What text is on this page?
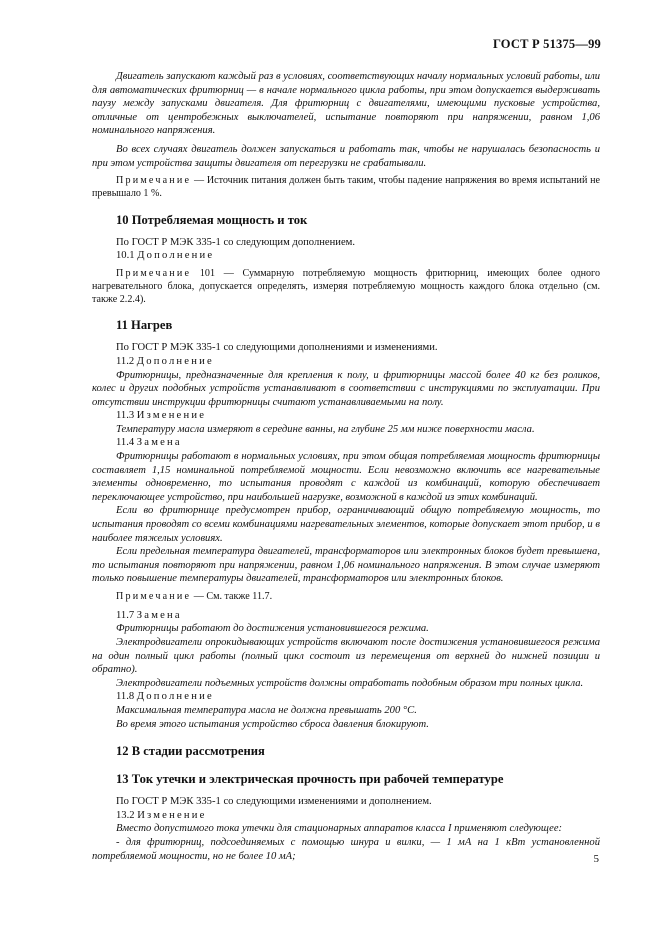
ГОСТ Р 51375—99

Двигатель запускают каждый раз в условиях, соответствующих началу нормальных условий работы, или для автоматических фритюрниц — в начале нормального цикла работы, при этом допускается выдерживать паузу между запусками двигателя. Для фритюрниц с двигателями, имеющими пусковые устройства, отличные от центробежных выключателей, испытание повторяют при напряжении, равном 1,06 номинального напряжения.

Во всех случаях двигатель должен запускаться и работать так, чтобы не нарушалась безопасность и при этом устройства защиты двигателя от перегрузки не срабатывали.

Примечание — Источник питания должен быть таким, чтобы падение напряжения во время испытаний не превышало 1 %.

10 Потребляемая мощность и ток

По ГОСТ Р МЭК 335-1 со следующим дополнением.

10.1 Дополнение

Примечание 101 — Суммарную потребляемую мощность фритюрниц, имеющих более одного нагревательного блока, допускается определять, измеряя потребляемую мощность каждого блока отдельно (см. также 2.2.4).

11 Нагрев

По ГОСТ Р МЭК 335-1 со следующими дополнениями и изменениями.

11.2 Дополнение

Фритюрницы, предназначенные для крепления к полу, и фритюрницы массой более 40 кг без роликов, колес и других подобных устройств устанавливают в соответствии с инструкциями по эксплуатации. При отсутствии инструкции фритюрницы считают устанавливаемыми на полу.

11.3 Изменение

Температуру масла измеряют в середине ванны, на глубине 25 мм ниже поверхности масла.

11.4 Замена

Фритюрницы работают в нормальных условиях, при этом общая потребляемая мощность фритюрницы составляет 1,15 номинальной потребляемой мощности. Если невозможно включить все нагревательные элементы одновременно, то испытания проводят с каждой из комбинаций, которую обеспечивает переключающее устройство, при наибольшей нагрузке, возможной в каждой из этих комбинаций.

Если во фритюрнице предусмотрен прибор, ограничивающий общую потребляемую мощность, то испытания проводят со всеми комбинациями нагревательных элементов, которые допускает этот прибор, и в наиболее тяжелых условиях.

Если предельная температура двигателей, трансформаторов или электронных блоков будет превышена, то испытания повторяют при напряжении, равном 1,06 номинального напряжения. В этом случае измеряют только повышение температуры двигателей, трансформаторов или электронных блоков.

Примечание — См. также 11.7.

11.7 Замена

Фритюрницы работают до достижения установившегося режима.

Электродвигатели опрокидывающих устройств включают после достижения установившегося режима на один полный цикл работы (полный цикл состоит из перемещения от верхней до нижней позиции и обратно).

Электродвигатели подъемных устройств должны отработать подобным образом три полных цикла.

11.8 Дополнение

Максимальная температура масла не должна превышать 200 °С.

Во время этого испытания устройство сброса давления блокируют.

12 В стадии рассмотрения
13 Ток утечки и электрическая прочность при рабочей температуре

По ГОСТ Р МЭК 335-1 со следующими изменениями и дополнением.

13.2 Изменение

Вместо допустимого тока утечки для стационарных аппаратов класса I применяют следующее:

- для фритюрниц, подсоединяемых с помощью шнура и вилки, — 1 мА на 1 кВт установленной потребляемой мощности, но не более 10 мА;	5
